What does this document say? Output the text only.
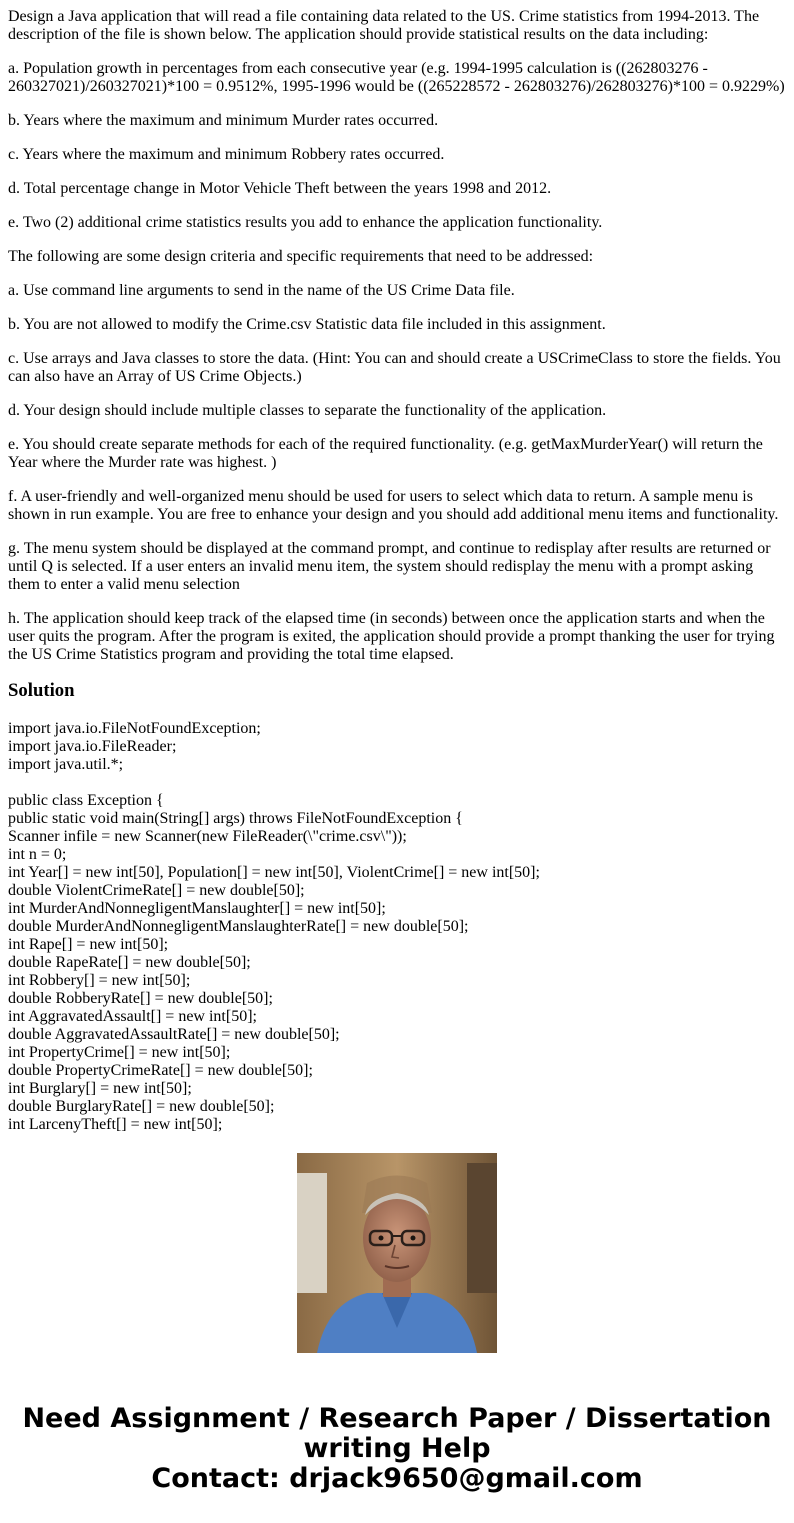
Design a Java application that will read a file containing data related to the US. Crime statistics from 1994-2013. The description of the file is shown below. The application should provide statistical results on the data including:

a. Population growth in percentages from each consecutive year (e.g. 1994-1995 calculation is ((262803276 - 260327021)/260327021)*100 = 0.9512%, 1995-1996 would be ((265228572 - 262803276)/262803276)*100 = 0.9229%)

b. Years where the maximum and minimum Murder rates occurred.

c. Years where the maximum and minimum Robbery rates occurred.

d. Total percentage change in Motor Vehicle Theft between the years 1998 and 2012.

e. Two (2) additional crime statistics results you add to enhance the application functionality.

The following are some design criteria and specific requirements that need to be addressed:

a. Use command line arguments to send in the name of the US Crime Data file.

b. You are not allowed to modify the Crime.csv Statistic data file included in this assignment.

c. Use arrays and Java classes to store the data. (Hint: You can and should create a USCrimeClass to store the fields. You can also have an Array of US Crime Objects.)

d. Your design should include multiple classes to separate the functionality of the application.

e. You should create separate methods for each of the required functionality. (e.g. getMaxMurderYear() will return the Year where the Murder rate was highest. )

f. A user-friendly and well-organized menu should be used for users to select which data to return. A sample menu is shown in run example. You are free to enhance your design and you should add additional menu items and functionality.

g. The menu system should be displayed at the command prompt, and continue to redisplay after results are returned or until Q is selected. If a user enters an invalid menu item, the system should redisplay the menu with a prompt asking them to enter a valid menu selection

h. The application should keep track of the elapsed time (in seconds) between once the application starts and when the user quits the program. After the program is exited, the application should provide a prompt thanking the user for trying the US Crime Statistics program and providing the total time elapsed.

Solution
import java.io.FileNotFoundException;
import java.io.FileReader;
import java.util.*;
public class Exception {
public static void main(String[] args) throws FileNotFoundException {
Scanner infile = new Scanner(new FileReader(\"crime.csv\"));
int n = 0;
int Year[] = new int[50], Population[] = new int[50], ViolentCrime[] = new int[50];
double ViolentCrimeRate[] = new double[50];
int MurderAndNonnegligentManslaughter[] = new int[50];
double MurderAndNonnegligentManslaughterRate[] = new double[50];
int Rape[] = new int[50];
double RapeRate[] = new double[50];
int Robbery[] = new int[50];
double RobberyRate[] = new double[50];
int AggravatedAssault[] = new int[50];
double AggravatedAssaultRate[] = new double[50];
int PropertyCrime[] = new int[50];
double PropertyCrimeRate[] = new double[50];
int Burglary[] = new int[50];
double BurglaryRate[] = new double[50];
int LarcenyTheft[] = new int[50];
Need Assignment / Research Paper / Dissertation
writing Help
Contact: drjack9650@gmail.com
